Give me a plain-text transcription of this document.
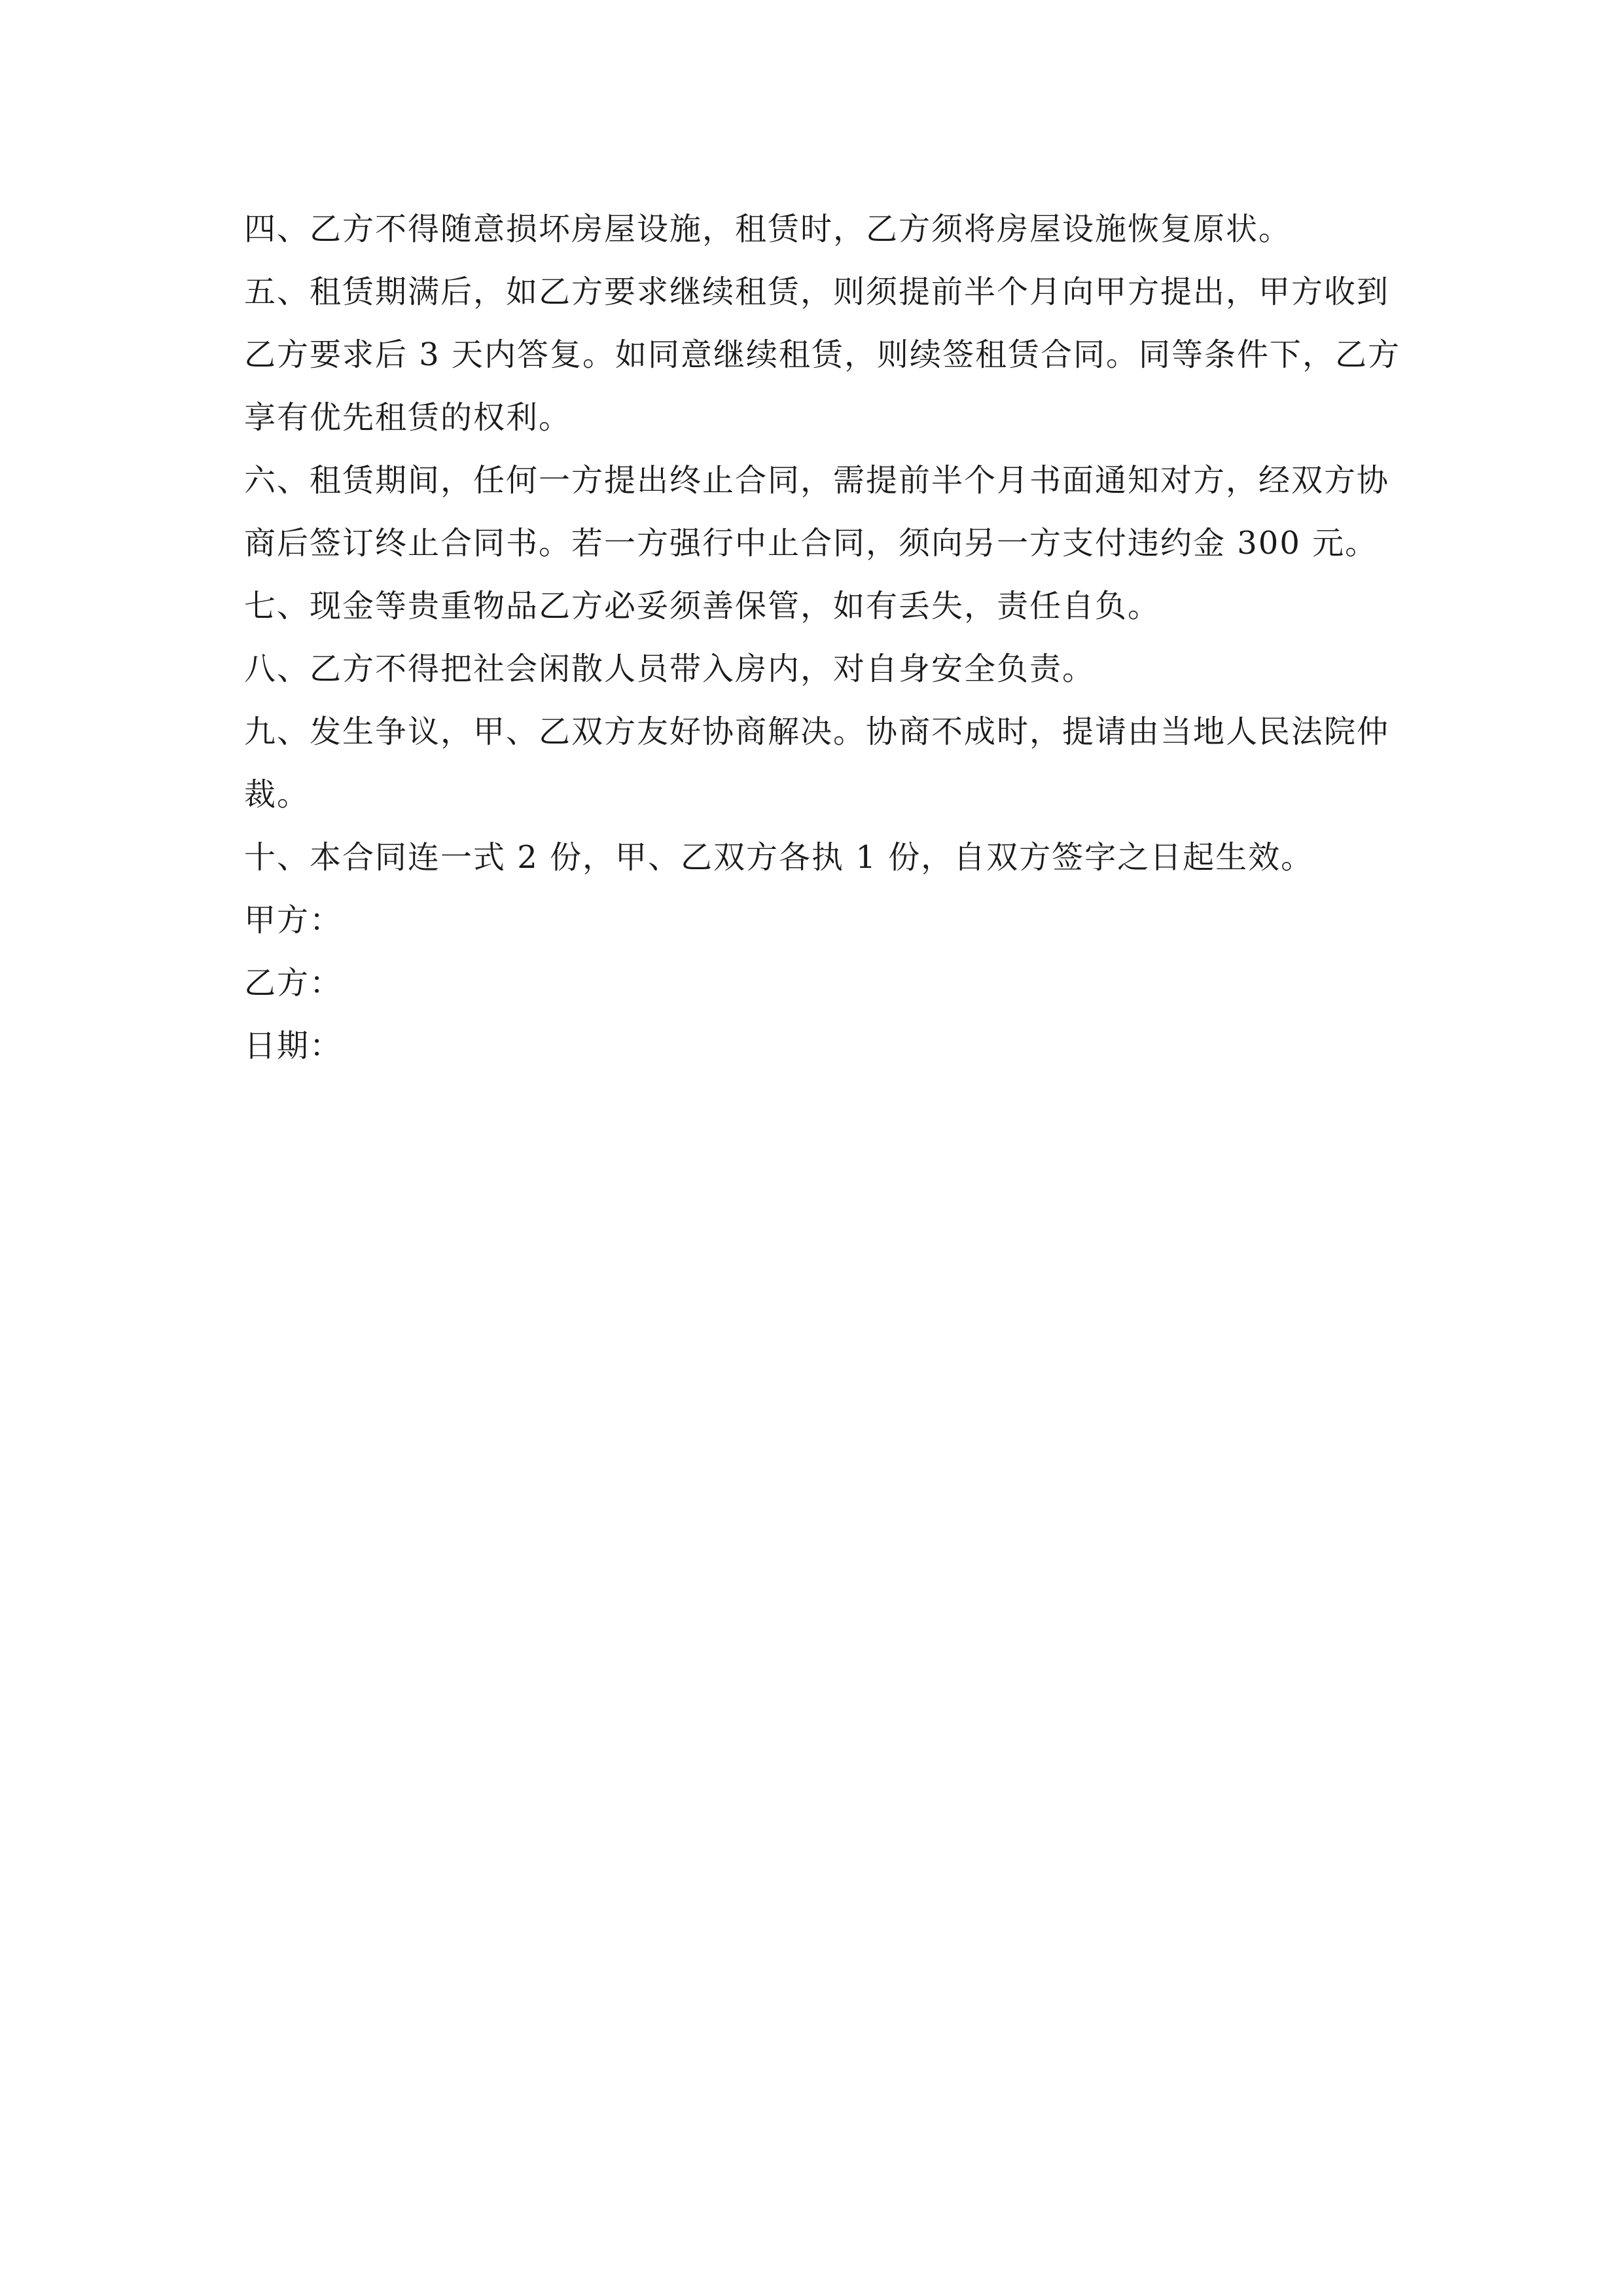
四、乙方不得随意损坏房屋设施，租赁时，乙方须将房屋设施恢复原状。
五、租赁期满后，如乙方要求继续租赁，则须提前半个月向甲方提出，甲方收到
乙方要求后 3 天内答复。如同意继续租赁，则续签租赁合同。同等条件下，乙方
享有优先租赁的权利。
六、租赁期间，任何一方提出终止合同，需提前半个月书面通知对方，经双方协
商后签订终止合同书。若一方强行中止合同，须向另一方支付违约金 300 元。
七、现金等贵重物品乙方必妥须善保管，如有丢失，责任自负。
八、乙方不得把社会闲散人员带入房内，对自身安全负责。
九、发生争议，甲、乙双方友好协商解决。协商不成时，提请由当地人民法院仲
裁。
十、本合同连一式 2 份，甲、乙双方各执 1 份，自双方签字之日起生效。
甲方：
乙方：
日期：
